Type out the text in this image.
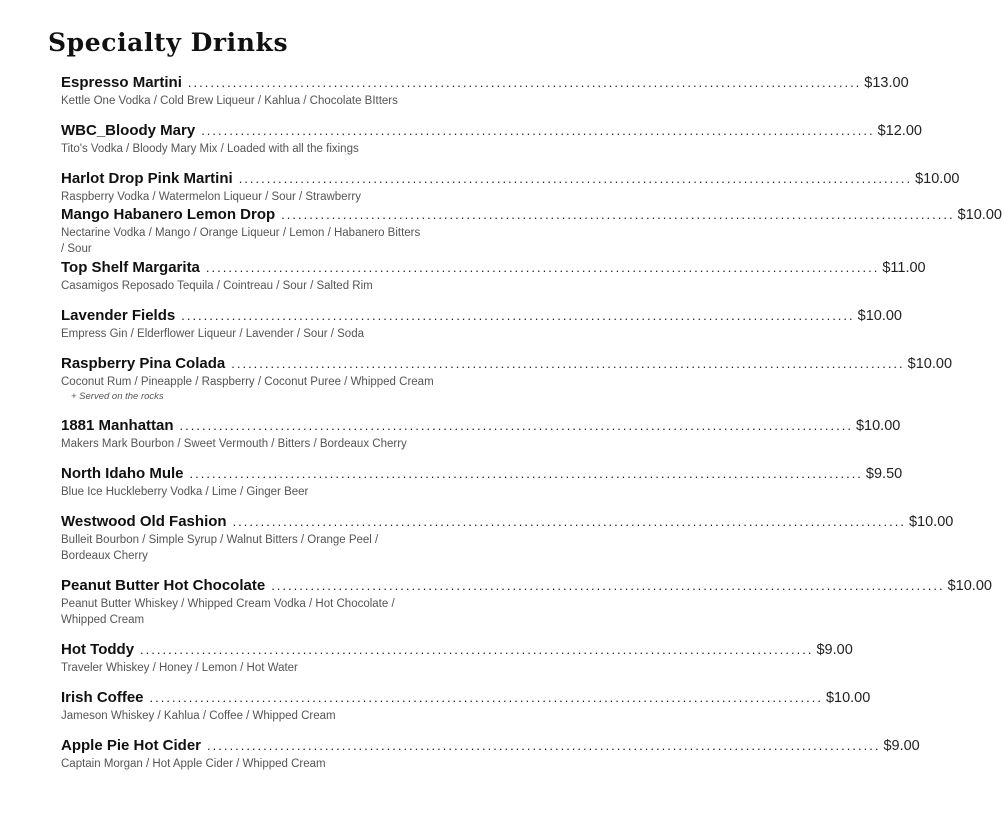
Specialty Drinks
Espresso Martini ........................................................................................................................ $13.00
Kettle One Vodka / Cold Brew Liqueur / Kahlua / Chocolate BItters
WBC_Bloody Mary ........................................................................................................................ $12.00
Tito's Vodka / Bloody Mary Mix / Loaded with all the fixings
Harlot Drop Pink Martini ........................................................................................................................ $10.00
Raspberry Vodka / Watermelon Liqueur / Sour / Strawberry
Mango Habanero Lemon Drop ........................................................................................................................ $10.00
Nectarine Vodka / Mango / Orange Liqueur / Lemon / Habanero Bitters / Sour
Top Shelf Margarita ........................................................................................................................ $11.00
Casamigos Reposado Tequila / Cointreau / Sour / Salted Rim
Lavender Fields ........................................................................................................................ $10.00
Empress Gin / Elderflower Liqueur / Lavender / Sour / Soda
Raspberry Pina Colada ........................................................................................................................ $10.00
Coconut Rum / Pineapple / Raspberry / Coconut Puree / Whipped Cream
+ Served on the rocks
1881 Manhattan ........................................................................................................................ $10.00
Makers Mark Bourbon / Sweet Vermouth / Bitters / Bordeaux Cherry
North Idaho Mule ........................................................................................................................ $9.50
Blue Ice Huckleberry Vodka / Lime / Ginger Beer
Westwood Old Fashion ........................................................................................................................ $10.00
Bulleit Bourbon / Simple Syrup / Walnut Bitters / Orange Peel / Bordeaux Cherry
Peanut Butter Hot Chocolate ........................................................................................................................ $10.00
Peanut Butter Whiskey / Whipped Cream Vodka / Hot Chocolate / Whipped Cream
Hot Toddy ........................................................................................................................ $9.00
Traveler Whiskey / Honey / Lemon / Hot Water
Irish Coffee ........................................................................................................................ $10.00
Jameson Whiskey / Kahlua / Coffee / Whipped Cream
Apple Pie Hot Cider ........................................................................................................................ $9.00
Captain Morgan / Hot Apple Cider / Whipped Cream
